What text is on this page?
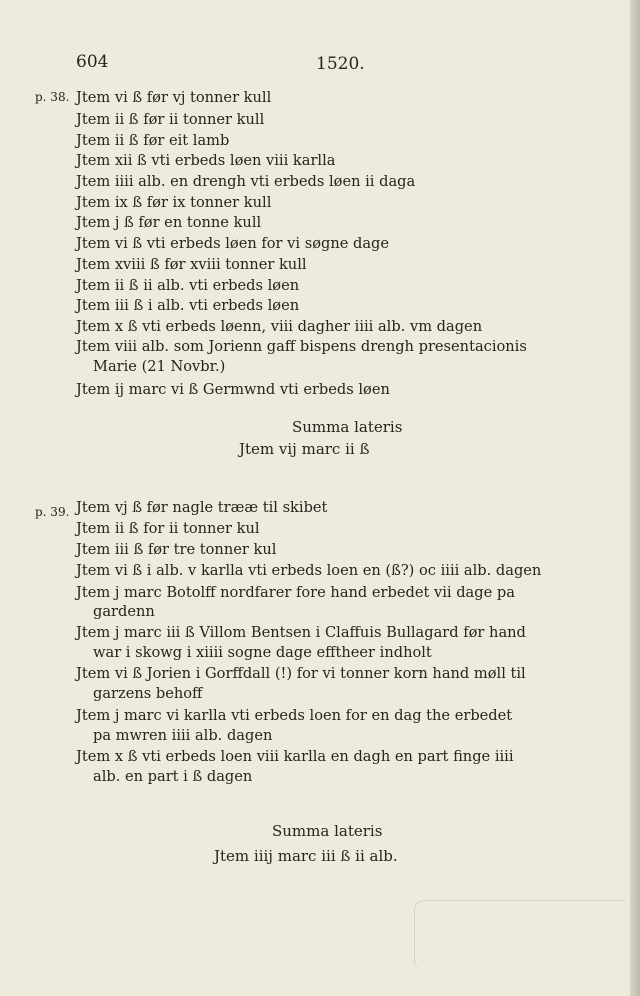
604	1520.
p. 38. Jtem vi ß før vj tonner kull
Jtem ii ß før ii tonner kull
Jtem ii ß før eit lamb
Jtem xii ß vti erbeds løen viii karlla
Jtem iiii alb. en drengh vti erbeds løen ii daga
Jtem ix ß før ix tonner kull
Jtem j ß før en tonne kull
Jtem vi ß vti erbeds løen for vi søgne dage
Jtem xviii ß før xviii tonner kull
Jtem ii ß ii alb. vti erbeds løen
Jtem iii ß i alb. vti erbeds løen
Jtem x ß vti erbeds løenn, viii dagher iiii alb. vm dagen
Jtem viii alb. som Jorienn gaff bispens drengh presentacionis
Marie (21 Novbr.)
Jtem ij marc vi ß Germwnd vti erbeds løen
Summa lateris
Jtem vij marc ii ß
p. 39. Jtem vj ß før nagle trææ til skibet
Jtem ii ß for ii tonner kul
Jtem iii ß før tre tonner kul
Jtem vi ß i alb. v karlla vti erbeds loen en (ß?) oc iiii alb. dagen
Jtem j marc Botolff nordfarer fore hand erbedet vii dage pa
gardenn
Jtem j marc iii ß Villom Bentsen i Claffuis Bullagard før hand
war i skowg i xiiii sogne dage efftheer indholt
Jtem vi ß Jorien i Gorffdall (!) for vi tonner korn hand møll til
garzens behoff
Jtem j marc vi karlla vti erbeds loen for en dag the erbedet
pa mwren iiii alb. dagen
Jtem x ß vti erbeds loen viii karlla en dagh en part finge iiii
alb. en part i ß dagen
Summa lateris
Jtem iiij marc iii ß ii alb.
